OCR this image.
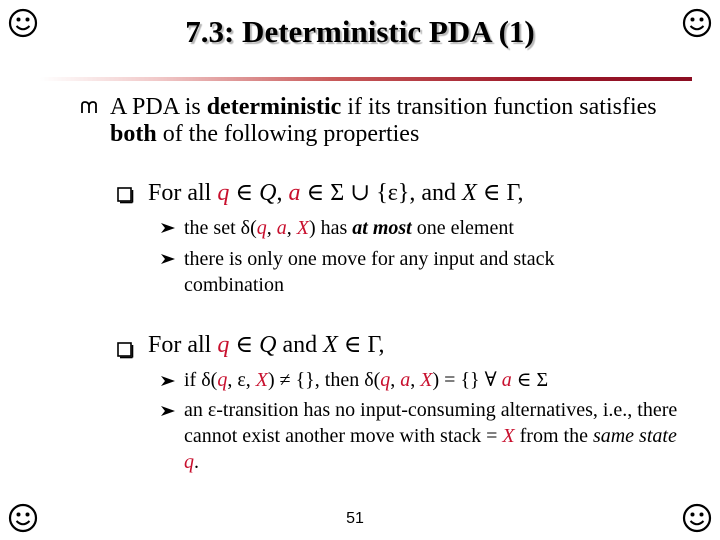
7.3: Deterministic PDA (1)
A PDA is deterministic if its transition function satisfies both of the following properties
For all q ∈ Q, a ∈ Σ ∪ {ε}, and X ∈ Γ,
the set δ(q, a, X) has at most one element
there is only one move for any input and stack combination
For all q ∈ Q and X ∈ Γ,
if δ(q, ε, X) ≠ {}, then δ(q, a, X) = {} ∀ a ∈ Σ
an ε-transition has no input-consuming alternatives, i.e., there cannot exist another move with stack = X from the same state q.
51
